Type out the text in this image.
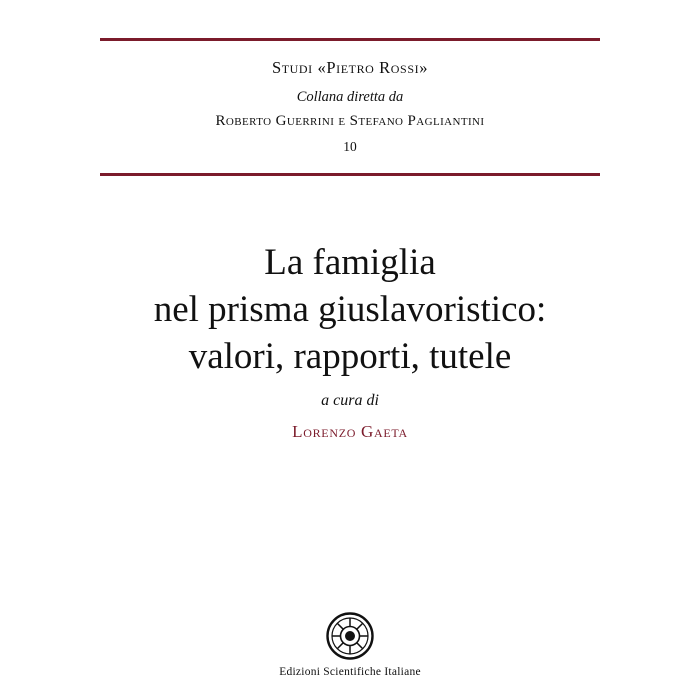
Studi «Pietro Rossi»
Collana diretta da
Roberto Guerrini e Stefano Pagliantini
10
La famiglia
nel prisma giuslavoristico:
valori, rapporti, tutele
a cura di
Lorenzo Gaeta
Edizioni Scientifiche Italiane
